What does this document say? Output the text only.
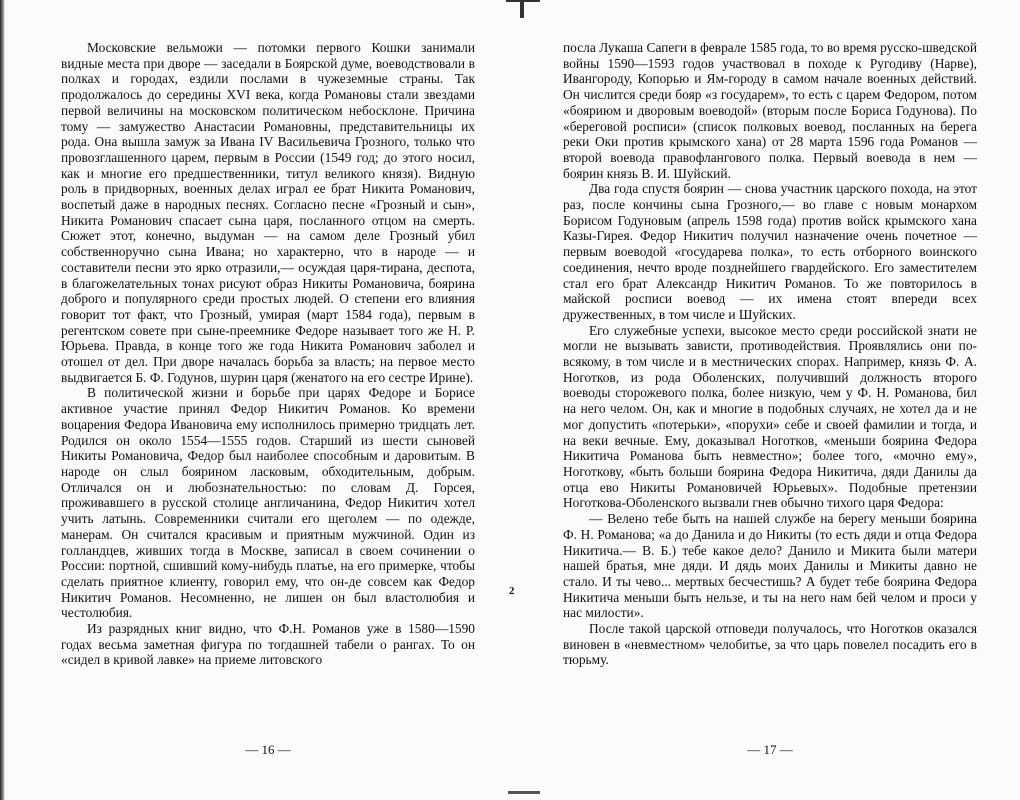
Московские вельможи — потомки первого Кошки занимали видные места при дворе — заседали в Боярской думе, воеводствовали в полках и городах, ездили послами в чужеземные страны. Так продолжалось до середины XVI века, когда Романовы стали звездами первой величины на московском политическом небосклоне. Причина тому — замужество Анастасии Романовны, представительницы их рода. Она вышла замуж за Ивана IV Васильевича Грозного, только что провозглашенного царем, первым в России (1549 год; до этого носил, как и многие его предшественники, титул великого князя). Видную роль в придворных, военных делах играл ее брат Никита Романович, воспетый даже в народных песнях. Согласно песне «Грозный и сын», Никита Романович спасает сына царя, посланного отцом на смерть. Сюжет этот, конечно, выдуман — на самом деле Грозный убил собственноручно сына Ивана; но характерно, что в народе — и составители песни это ярко отразили,— осуждая царя-тирана, деспота, в благожелательных тонах рисуют образ Никиты Романовича, боярина доброго и популярного среди простых людей. О степени его влияния говорит тот факт, что Грозный, умирая (март 1584 года), первым в регентском совете при сыне-преемнике Федоре называет того же Н. Р. Юрьева. Правда, в конце того же года Никита Романович заболел и отошел от дел. При дворе началась борьба за власть; на первое место выдвигается Б. Ф. Годунов, шурин царя (женатого на его сестре Ирине).

В политической жизни и борьбе при царях Федоре и Борисе активное участие принял Федор Никитич Романов. Ко времени воцарения Федора Ивановича ему исполнилось примерно тридцать лет. Родился он около 1554—1555 годов. Старший из шести сыновей Никиты Романовича, Федор был наиболее способным и даровитым. В народе он слыл боярином ласковым, обходительным, добрым. Отличался он и любознательностью: по словам Д. Горсея, проживавшего в русской столице англичанина, Федор Никитич хотел учить латынь. Современники считали его щеголем — по одежде, манерам. Он считался красивым и приятным мужчиной. Один из голландцев, живших тогда в Москве, записал в своем сочинении о России: портной, сшивший кому-нибудь платье, на его примерке, чтобы сделать приятное клиенту, говорил ему, что он-де совсем как Федор Никитич Романов. Несомненно, не лишен он был властолюбия и честолюбия.

Из разрядных книг видно, что Ф.Н. Романов уже в 1580—1590 годах весьма заметная фигура по тогдашней табели о рангах. То он «сидел в кривой лавке» на приеме литовского

посла Лукаша Сапеги в феврале 1585 года, то во время русско-шведской войны 1590—1593 годов участвовал в походе к Ругодиву (Нарве), Ивангороду, Копорью и Ям-городу в самом начале военных действий. Он числится среди бояр «з государем», то есть с царем Федором, потом «бояриюм и дворовым воеводой» (вторым после Бориса Годунова). По «береговой росписи» (список полковых воевод, посланных на берега реки Оки против крымского хана) от 28 марта 1596 года Романов — второй воевода правофлангового полка. Первый воевода в нем — боярин князь В. И. Шуйский.

Два года спустя боярин — снова участник царского похода, на этот раз, после кончины сына Грозного,— во главе с новым монархом Борисом Годуновым (апрель 1598 года) против войск крымского хана Казы-Гирея. Федор Никитич получил назначение очень почетное — первым воеводой «государева полка», то есть отборного воинского соединения, нечто вроде позднейшего гвардейского. Его заместителем стал его брат Александр Никитич Романов. То же повторилось в майской росписи воевод — их имена стоят впереди всех дружественных, в том числе и Шуйских.

Его служебные успехи, высокое место среди российской знати не могли не вызывать зависти, противодействия. Проявлялись они по-всякому, в том числе и в местнических спорах. Например, князь Ф. А. Ноготков, из рода Оболенских, получивший должность второго воеводы сторожевого полка, более низкую, чем у Ф. Н. Романова, бил на него челом. Он, как и многие в подобных случаях, не хотел да и не мог допустить «потерьки», «порухи» себе и своей фамилии и тогда, и на веки вечные. Ему, доказывал Ноготков, «меньши боярина Федора Никитича Романова быть невместно»; более того, «мочно ему», Ноготкову, «быть больши боярина Федора Никитича, дяди Данилы да отца ево Никиты Романовичей Юрьевых». Подобные претензии Ноготкова-Оболенского вызвали гнев обычно тихого царя Федора:

— Велено тебе быть на нашей службе на берегу меньши боярина Ф. Н. Романова; «а до Данила и до Никиты (то есть дяди и отца Федора Никитича.— В. Б.) тебе какое дело? Данило и Микита были матери нашей братья, мне дяди. И дядь моих Данилы и Микиты давно не стало. И ты чево... мертвых бесчестишь? А будет тебе боярина Федора Никитича меньши быть нельзе, и ты на него нам бей челом и проси у нас милости».

После такой царской отповеди получалось, что Ноготков оказался виновен в «невместном» челобитье, за что царь повелел посадить его в тюрьму.

2
— 16 —	— 17 —
